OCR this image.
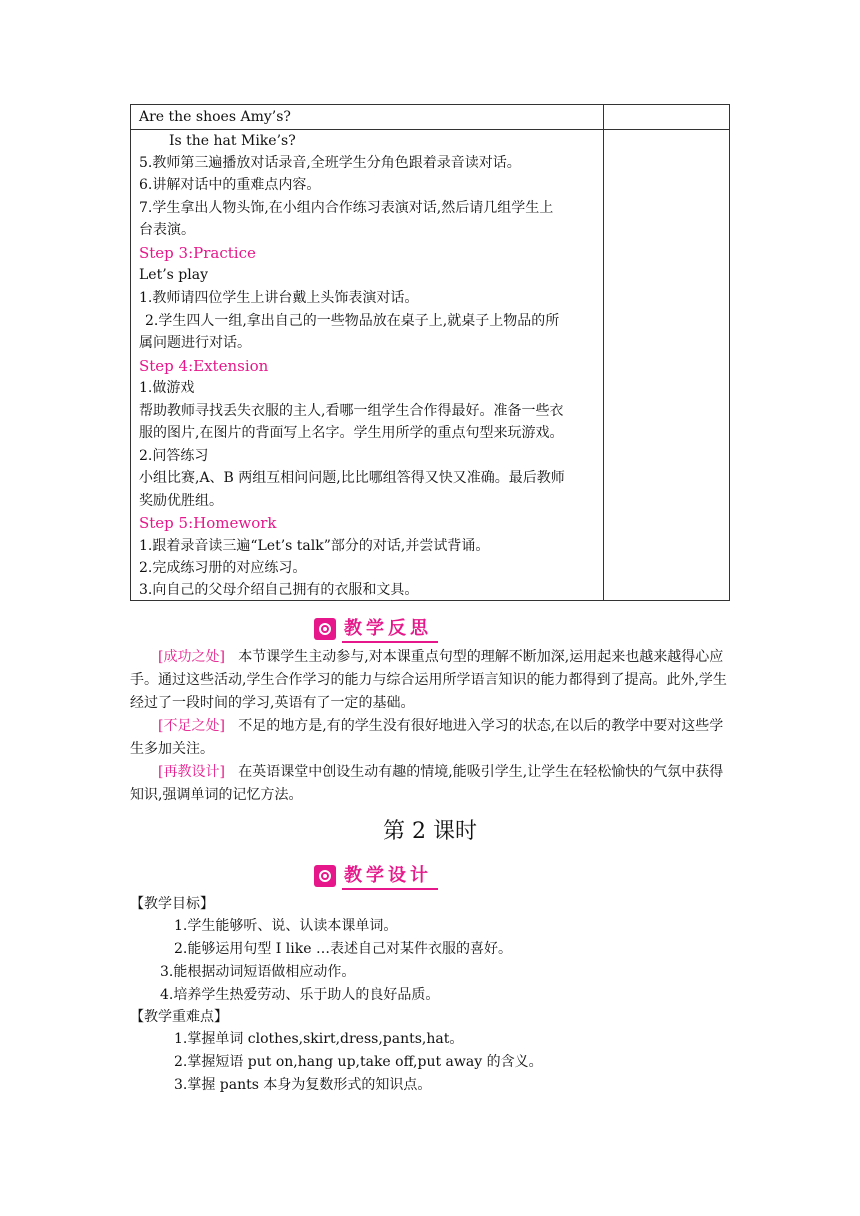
Are the shoes Amy’s?
Is the hat Mike’s?
5.教师第三遍播放对话录音,全班学生分角色跟着录音读对话。
6.讲解对话中的重难点内容。
7.学生拿出人物头饰,在小组内合作练习表演对话,然后请几组学生上
台表演。
Step 3:Practice
Let’s play
1.教师请四位学生上讲台戴上头饰表演对话。
2.学生四人一组,拿出自己的一些物品放在桌子上,就桌子上物品的所
属问题进行对话。
Step 4:Extension
1.做游戏
帮助教师寻找丢失衣服的主人,看哪一组学生合作得最好。准备一些衣
服的图片,在图片的背面写上名字。学生用所学的重点句型来玩游戏。
2.问答练习
小组比赛,A、B 两组互相问问题,比比哪组答得又快又准确。最后教师
奖励优胜组。
Step 5:Homework
1.跟着录音读三遍“Let’s talk”部分的对话,并尝试背诵。
2.完成练习册的对应练习。
3.向自己的父母介绍自己拥有的衣服和文具。
教学反思
[成功之处] 本节课学生主动参与,对本课重点句型的理解不断加深,运用起来也越来越得心应手。通过这些活动,学生合作学习的能力与综合运用所学语言知识的能力都得到了提高。此外,学生经过了一段时间的学习,英语有了一定的基础。
[不足之处] 不足的地方是,有的学生没有很好地进入学习的状态,在以后的教学中要对这些学生多加关注。
[再教设计] 在英语课堂中创设生动有趣的情境,能吸引学生,让学生在轻松愉快的气氛中获得知识,强调单词的记忆方法。
第 2 课时
教学设计
【教学目标】
1.学生能够听、说、认读本课单词。
2.能够运用句型 I like …表述自己对某件衣服的喜好。
3.能根据动词短语做相应动作。
4.培养学生热爱劳动、乐于助人的良好品质。
【教学重难点】
1.掌握单词 clothes,skirt,dress,pants,hat。
2.掌握短语 put on,hang up,take off,put away 的含义。
3.掌握 pants 本身为复数形式的知识点。
